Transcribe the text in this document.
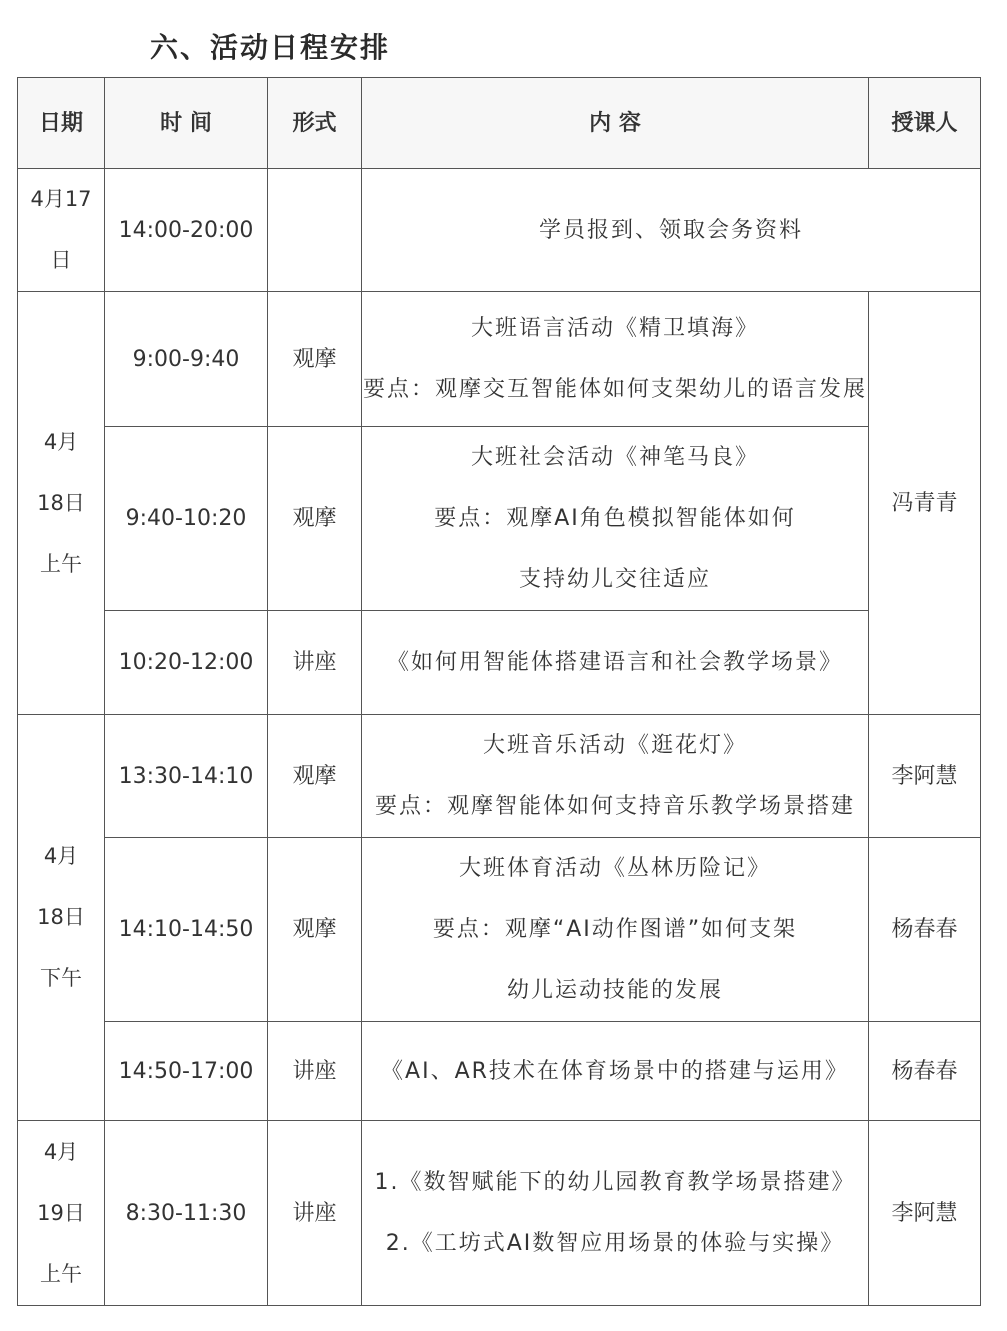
六、活动日程安排
日期	时 间	形式	内 容	授课人

4月17
日	14:00-20:00		学员报到、领取会务资料	

4月
18日
上午	9:00-9:40	观摩	大班语言活动《精卫填海》
要点：观摩交互智能体如何支架幼儿的语言发展	冯青青
	9:40-10:20	观摩	大班社会活动《神笔马良》
要点：观摩AI角色模拟智能体如何
支持幼儿交往适应	

	10:20-12:00	讲座	《如何用智能体搭建语言和社会教学场景》	

4月
18日
下午	13:30-14:10	观摩	大班音乐活动《逛花灯》
要点：观摩智能体如何支持音乐教学场景搭建	李阿慧
	14:10-14:50	观摩	大班体育活动《丛林历险记》
要点：观摩“AI动作图谱”如何支架
幼儿运动技能的发展	杨春春
	14:50-17:00	讲座	《AI、AR技术在体育场景中的搭建与运用》	杨春春

4月
19日
上午	8:30-11:30	讲座	1.《数智赋能下的幼儿园教育教学场景搭建》
2.《工坊式AI数智应用场景的体验与实操》	李阿慧
